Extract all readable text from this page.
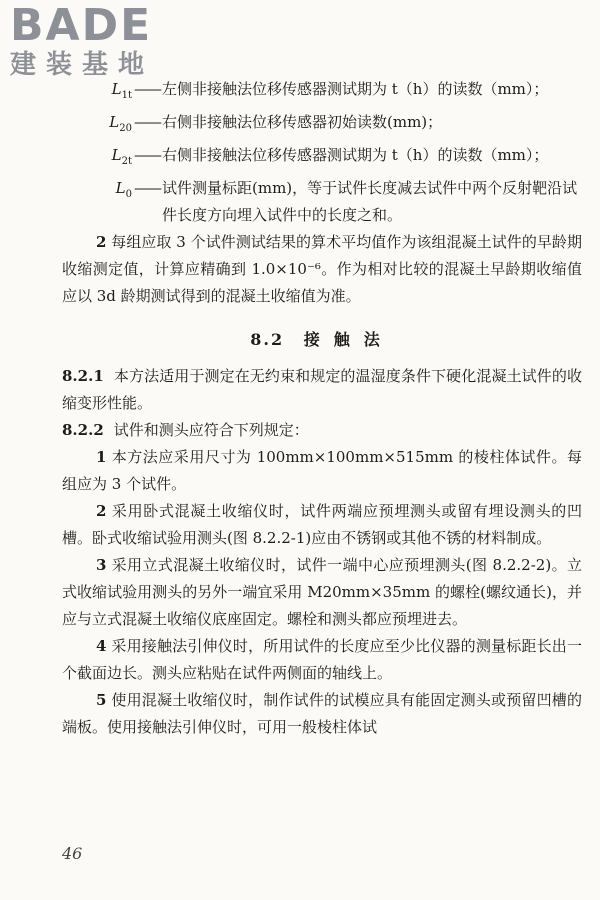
BADE
建装基地
$L_{1t}$ —— 左侧非接触法位移传感器测试期为 t（h）的读数（mm）；
$L_{20}$ —— 右侧非接触法位移传感器初始读数(mm)；
$L_{2t}$ —— 右侧非接触法位移传感器测试期为 t（h）的读数（mm）；
$L_0$ —— 试件测量标距(mm)，等于试件长度减去试件中两个反射靶沿试件长度方向埋入试件中的长度之和。

2 每组应取 3 个试件测试结果的算术平均值作为该组混凝土试件的早龄期收缩测定值，计算应精确到 1.0×10⁻⁶。作为相对比较的混凝土早龄期收缩值应以 3d 龄期测试得到的混凝土收缩值为准。

8.2 接触法

8.2.1 本方法适用于测定在无约束和规定的温湿度条件下硬化混凝土试件的收缩变形性能。

8.2.2 试件和测头应符合下列规定：

1 本方法应采用尺寸为 100mm×100mm×515mm 的棱柱体试件。每组应为 3 个试件。

2 采用卧式混凝土收缩仪时，试件两端应预埋测头或留有埋设测头的凹槽。卧式收缩试验用测头(图 8.2.2-1)应由不锈钢或其他不锈的材料制成。

3 采用立式混凝土收缩仪时，试件一端中心应预埋测头(图 8.2.2-2)。立式收缩试验用测头的另外一端宜采用 M20mm×35mm 的螺栓(螺纹通长)，并应与立式混凝土收缩仪底座固定。螺栓和测头都应预埋进去。

4 采用接触法引伸仪时，所用试件的长度应至少比仪器的测量标距长出一个截面边长。测头应粘贴在试件两侧面的轴线上。

5 使用混凝土收缩仪时，制作试件的试模应具有能固定测头或预留凹槽的端板。使用接触法引伸仪时，可用一般棱柱体试

46
